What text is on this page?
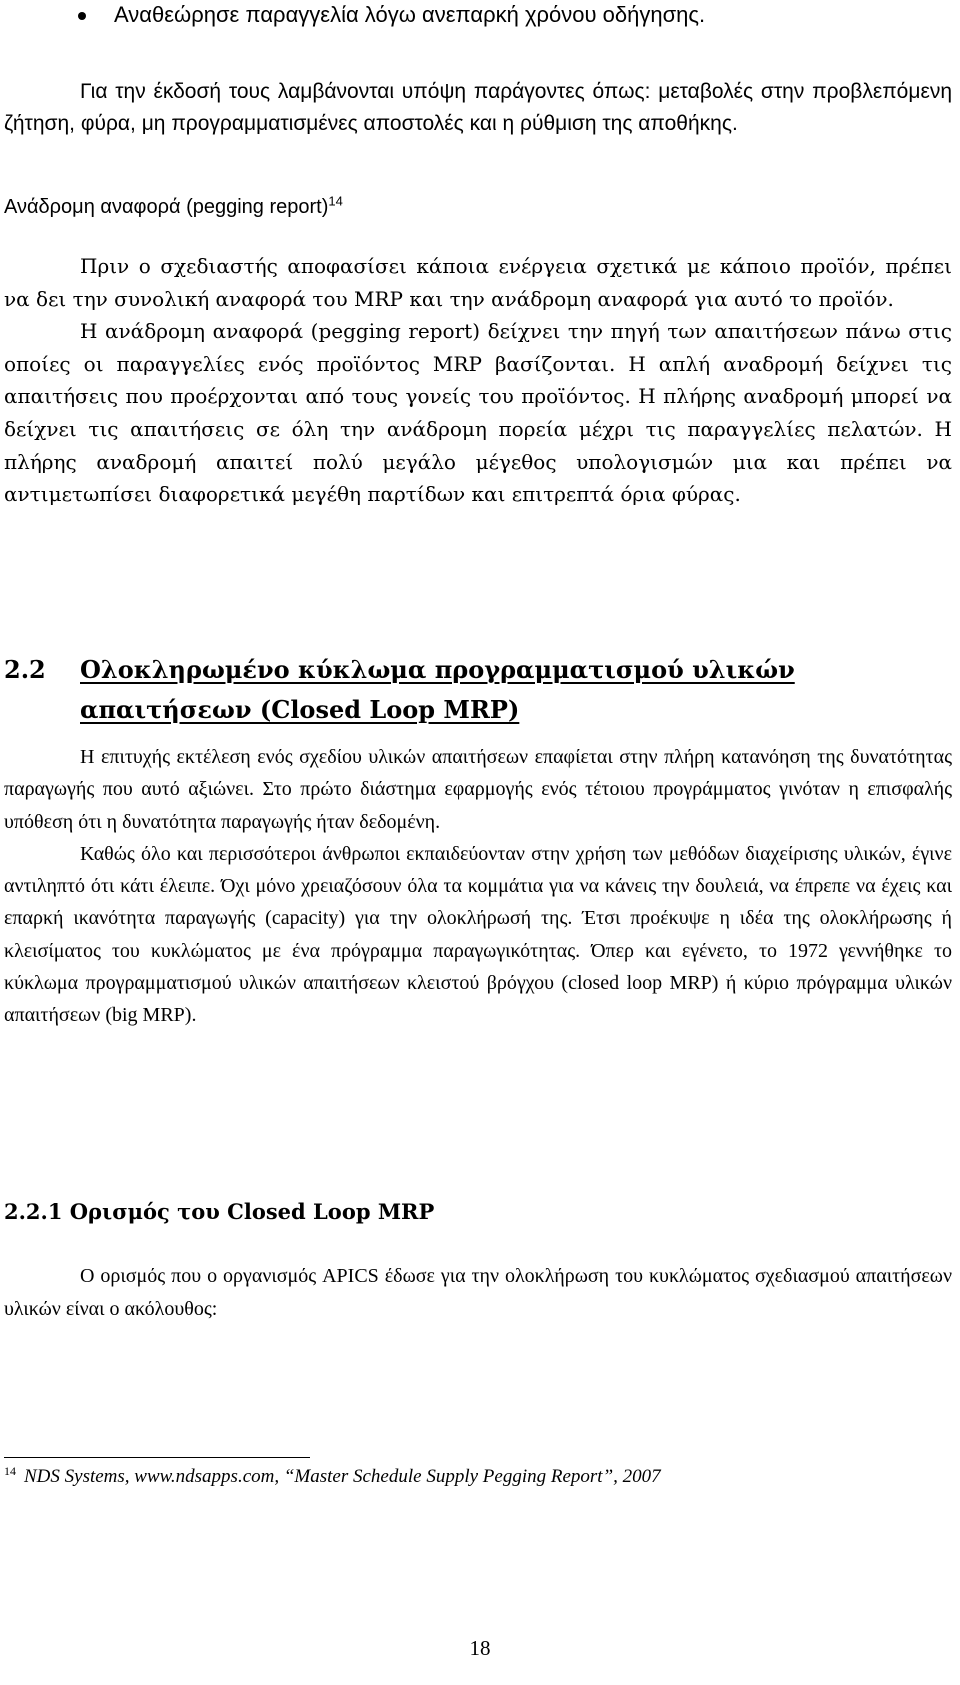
Αναθεώρησε παραγγελία λόγω ανεπαρκή χρόνου οδήγησης.

Για την έκδοσή τους λαμβάνονται υπόψη παράγοντες όπως: μεταβολές στην προβλεπόμενη ζήτηση, φύρα, μη προγραμματισμένες αποστολές και η ρύθμιση της αποθήκης.

Ανάδρομη αναφορά (pegging report)$^{14}$

Πριν ο σχεδιαστής αποφασίσει κάποια ενέργεια σχετικά με κάποιο προϊόν, πρέπει να δει την συνολική αναφορά του MRP και την ανάδρομη αναφορά για αυτό το προϊόν.

Η ανάδρομη αναφορά (pegging report) δείχνει την πηγή των απαιτήσεων πάνω στις οποίες οι παραγγελίες ενός προϊόντος MRP βασίζονται. Η απλή αναδρομή δείχνει τις απαιτήσεις που προέρχονται από τους γονείς του προϊόντος. Η πλήρης αναδρομή μπορεί να δείχνει τις απαιτήσεις σε όλη την ανάδρομη πορεία μέχρι τις παραγγελίες πελατών. Η πλήρης αναδρομή απαιτεί πολύ μεγάλο μέγεθος υπολογισμών μια και πρέπει να αντιμετωπίσει διαφορετικά μεγέθη παρτίδων και επιτρεπτά όρια φύρας.

2.2 Ολοκληρωμένο κύκλωμα προγραμματισμού υλικών απαιτήσεων (Closed Loop MRP)

Η επιτυχής εκτέλεση ενός σχεδίου υλικών απαιτήσεων επαφίεται στην πλήρη κατανόηση της δυνατότητας παραγωγής που αυτό αξιώνει. Στο πρώτο διάστημα εφαρμογής ενός τέτοιου προγράμματος γινόταν η επισφαλής υπόθεση ότι η δυνατότητα παραγωγής ήταν δεδομένη.

Καθώς όλο και περισσότεροι άνθρωποι εκπαιδεύονταν στην χρήση των μεθόδων διαχείρισης υλικών, έγινε αντιληπτό ότι κάτι έλειπε. Όχι μόνο χρειαζόσουν όλα τα κομμάτια για να κάνεις την δουλειά, να έπρεπε να έχεις και επαρκή ικανότητα παραγωγής (capacity) για την ολοκλήρωσή της. Έτσι προέκυψε η ιδέα της ολοκλήρωσης ή κλεισίματος του κυκλώματος με ένα πρόγραμμα παραγωγικότητας. Όπερ και εγένετο, το 1972 γεννήθηκε το κύκλωμα προγραμματισμού υλικών απαιτήσεων κλειστού βρόγχου (closed loop MRP) ή κύριο πρόγραμμα υλικών απαιτήσεων (big MRP).

2.2.1 Ορισμός του Closed Loop MRP

Ο ορισμός που ο οργανισμός APICS έδωσε για την ολοκλήρωση του κυκλώματος σχεδιασμού απαιτήσεων υλικών είναι ο ακόλουθος:

$^{14}$ NDS Systems, www.ndsapps.com, “Master Schedule Supply Pegging Report”, 2007
18
